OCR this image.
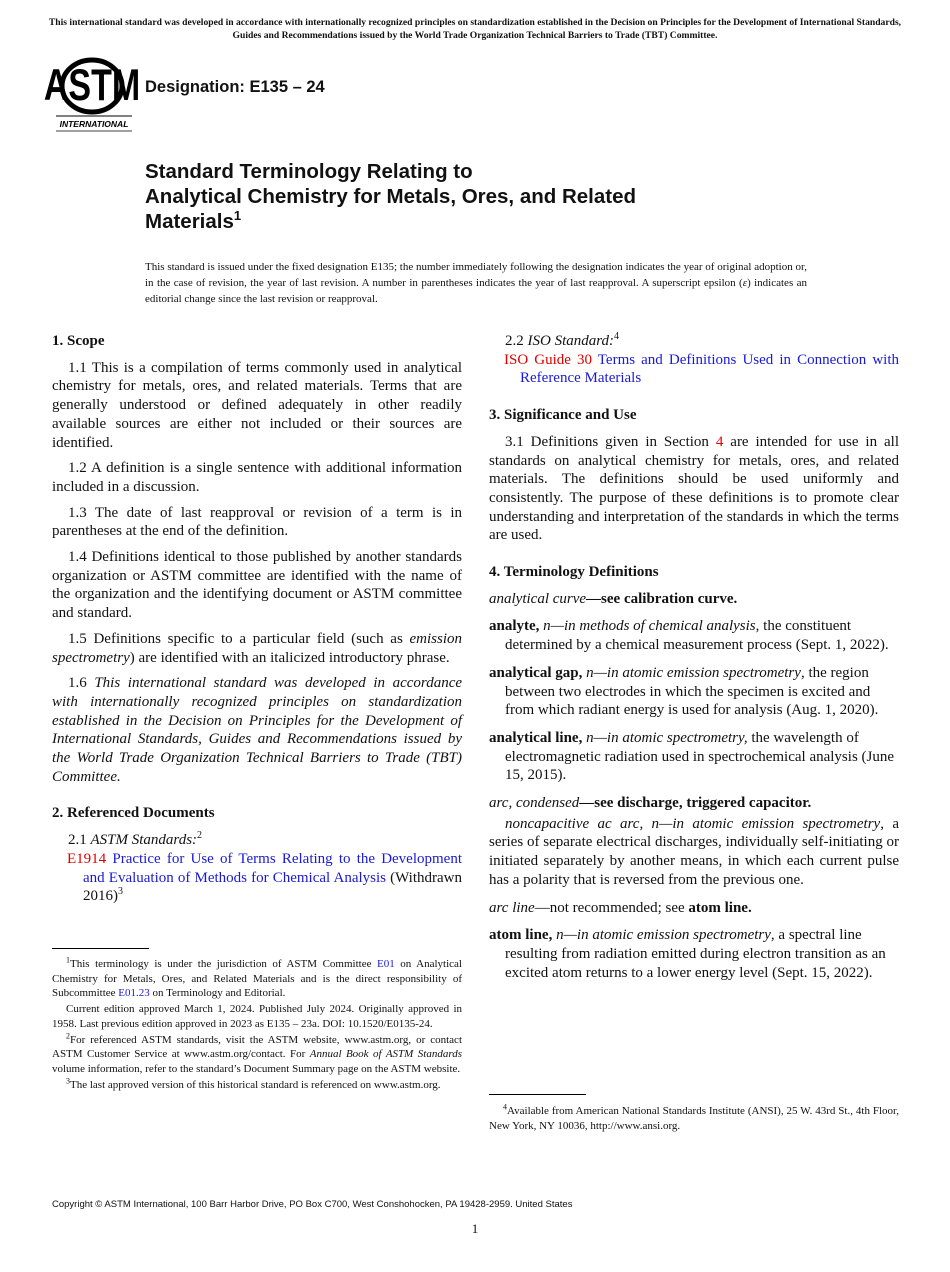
This international standard was developed in accordance with internationally recognized principles on standardization established in the Decision on Principles for the Development of International Standards, Guides and Recommendations issued by the World Trade Organization Technical Barriers to Trade (TBT) Committee.
ASTM
INTERNATIONAL
Designation: E135 – 24
Standard Terminology Relating to
Analytical Chemistry for Metals, Ores, and Related
Materials$^1$
This standard is issued under the fixed designation E135; the number immediately following the designation indicates the year of original adoption or, in the case of revision, the year of last revision. A number in parentheses indicates the year of last reapproval. A superscript epsilon (ε) indicates an editorial change since the last revision or reapproval.
1. Scope

1.1 This is a compilation of terms commonly used in analytical chemistry for metals, ores, and related materials. Terms that are generally understood or defined adequately in other readily available sources are either not included or their sources are identified.

1.2 A definition is a single sentence with additional information included in a discussion.

1.3 The date of last reapproval or revision of a term is in parentheses at the end of the definition.

1.4 Definitions identical to those published by another standards organization or ASTM committee are identified with the name of the organization and the identifying document or ASTM committee and standard.

1.5 Definitions specific to a particular field (such as emission spectrometry) are identified with an italicized introductory phrase.

1.6 This international standard was developed in accordance with internationally recognized principles on standardization established in the Decision on Principles for the Development of International Standards, Guides and Recommendations issued by the World Trade Organization Technical Barriers to Trade (TBT) Committee.

2. Referenced Documents

2.1 ASTM Standards:$^2$

E1914 Practice for Use of Terms Relating to the Development and Evaluation of Methods for Chemical Analysis (Withdrawn 2016)$^3$
$^1$This terminology is under the jurisdiction of ASTM Committee E01 on Analytical Chemistry for Metals, Ores, and Related Materials and is the direct responsibility of Subcommittee E01.23 on Terminology and Editorial.
Current edition approved March 1, 2024. Published July 2024. Originally approved in 1958. Last previous edition approved in 2023 as E135 – 23a. DOI: 10.1520/E0135-24.
$^2$For referenced ASTM standards, visit the ASTM website, www.astm.org, or contact ASTM Customer Service at www.astm.org/contact. For Annual Book of ASTM Standards volume information, refer to the standard’s Document Summary page on the ASTM website.
$^3$The last approved version of this historical standard is referenced on www.astm.org.

2.2 ISO Standard:$^4$

ISO Guide 30 Terms and Definitions Used in Connection with Reference Materials
3. Significance and Use

3.1 Definitions given in Section 4 are intended for use in all standards on analytical chemistry for metals, ores, and related materials. The definitions should be used uniformly and consistently. The purpose of these definitions is to promote clear understanding and interpretation of the standards in which the terms are used.

4. Terminology Definitions
analytical curve—see calibration curve.
analyte, n—in methods of chemical analysis, the constituent determined by a chemical measurement process (Sept. 1, 2022).
analytical gap, n—in atomic emission spectrometry, the region between two electrodes in which the specimen is excited and from which radiant energy is used for analysis (Aug. 1, 2020).
analytical line, n—in atomic spectrometry, the wavelength of electromagnetic radiation used in spectrochemical analysis (June 15, 2015).
arc, condensed—see discharge, triggered capacitor.

noncapacitive ac arc, n—in atomic emission spectrometry, a series of separate electrical discharges, individually self-initiating or initiated separately by another means, in which each current pulse has a polarity that is reversed from the previous one.

arc line—not recommended; see atom line.
atom line, n—in atomic emission spectrometry, a spectral line resulting from radiation emitted during electron transition as an excited atom returns to a lower energy level (Sept. 15, 2022).
$^4$Available from American National Standards Institute (ANSI), 25 W. 43rd St., 4th Floor, New York, NY 10036, http://www.ansi.org.
Copyright © ASTM International, 100 Barr Harbor Drive, PO Box C700, West Conshohocken, PA 19428-2959. United States
1
